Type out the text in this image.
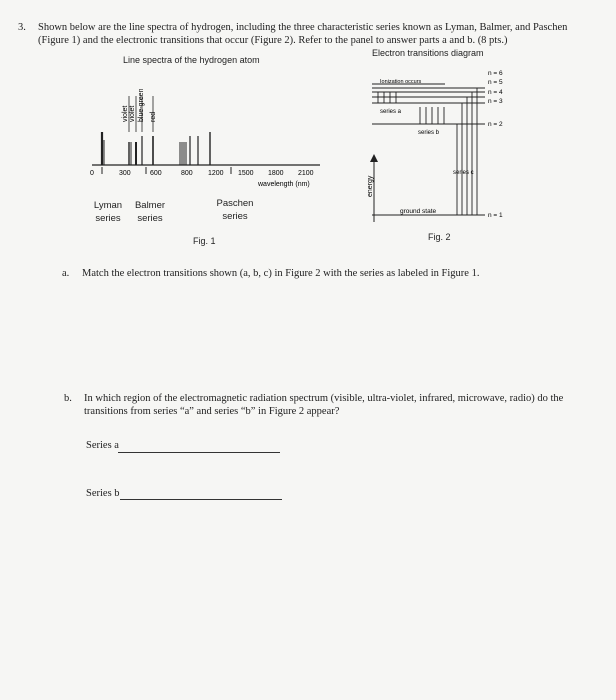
3. Shown below are the line spectra of hydrogen, including the three characteristic series known as Lyman, Balmer, and Paschen (Figure 1) and the electronic transitions that occur (Figure 2). Refer to the panel to answer parts a and b. (8 pts.)
Line spectra of the hydrogen atom
Electron transitions diagram
violet violet blue-green red
0	300	600	800 1200 1500 1800 2100
wavelength (nm)
Lyman
series
Balmer
series
Paschen
series
Fig. 1
energy
Ionization occurs
series a
series b
series c
ground state
n = 6
n = 5
n = 4
n = 3
n = 2
n = 1
Fig. 2
a. Match the electron transitions shown (a, b, c) in Figure 2 with the series as labeled in Figure 1.
b. In which region of the electromagnetic radiation spectrum (visible, ultra-violet, infrared, microwave, radio) do the transitions from series “a” and series “b” in Figure 2 appear?
Series a
Series b
